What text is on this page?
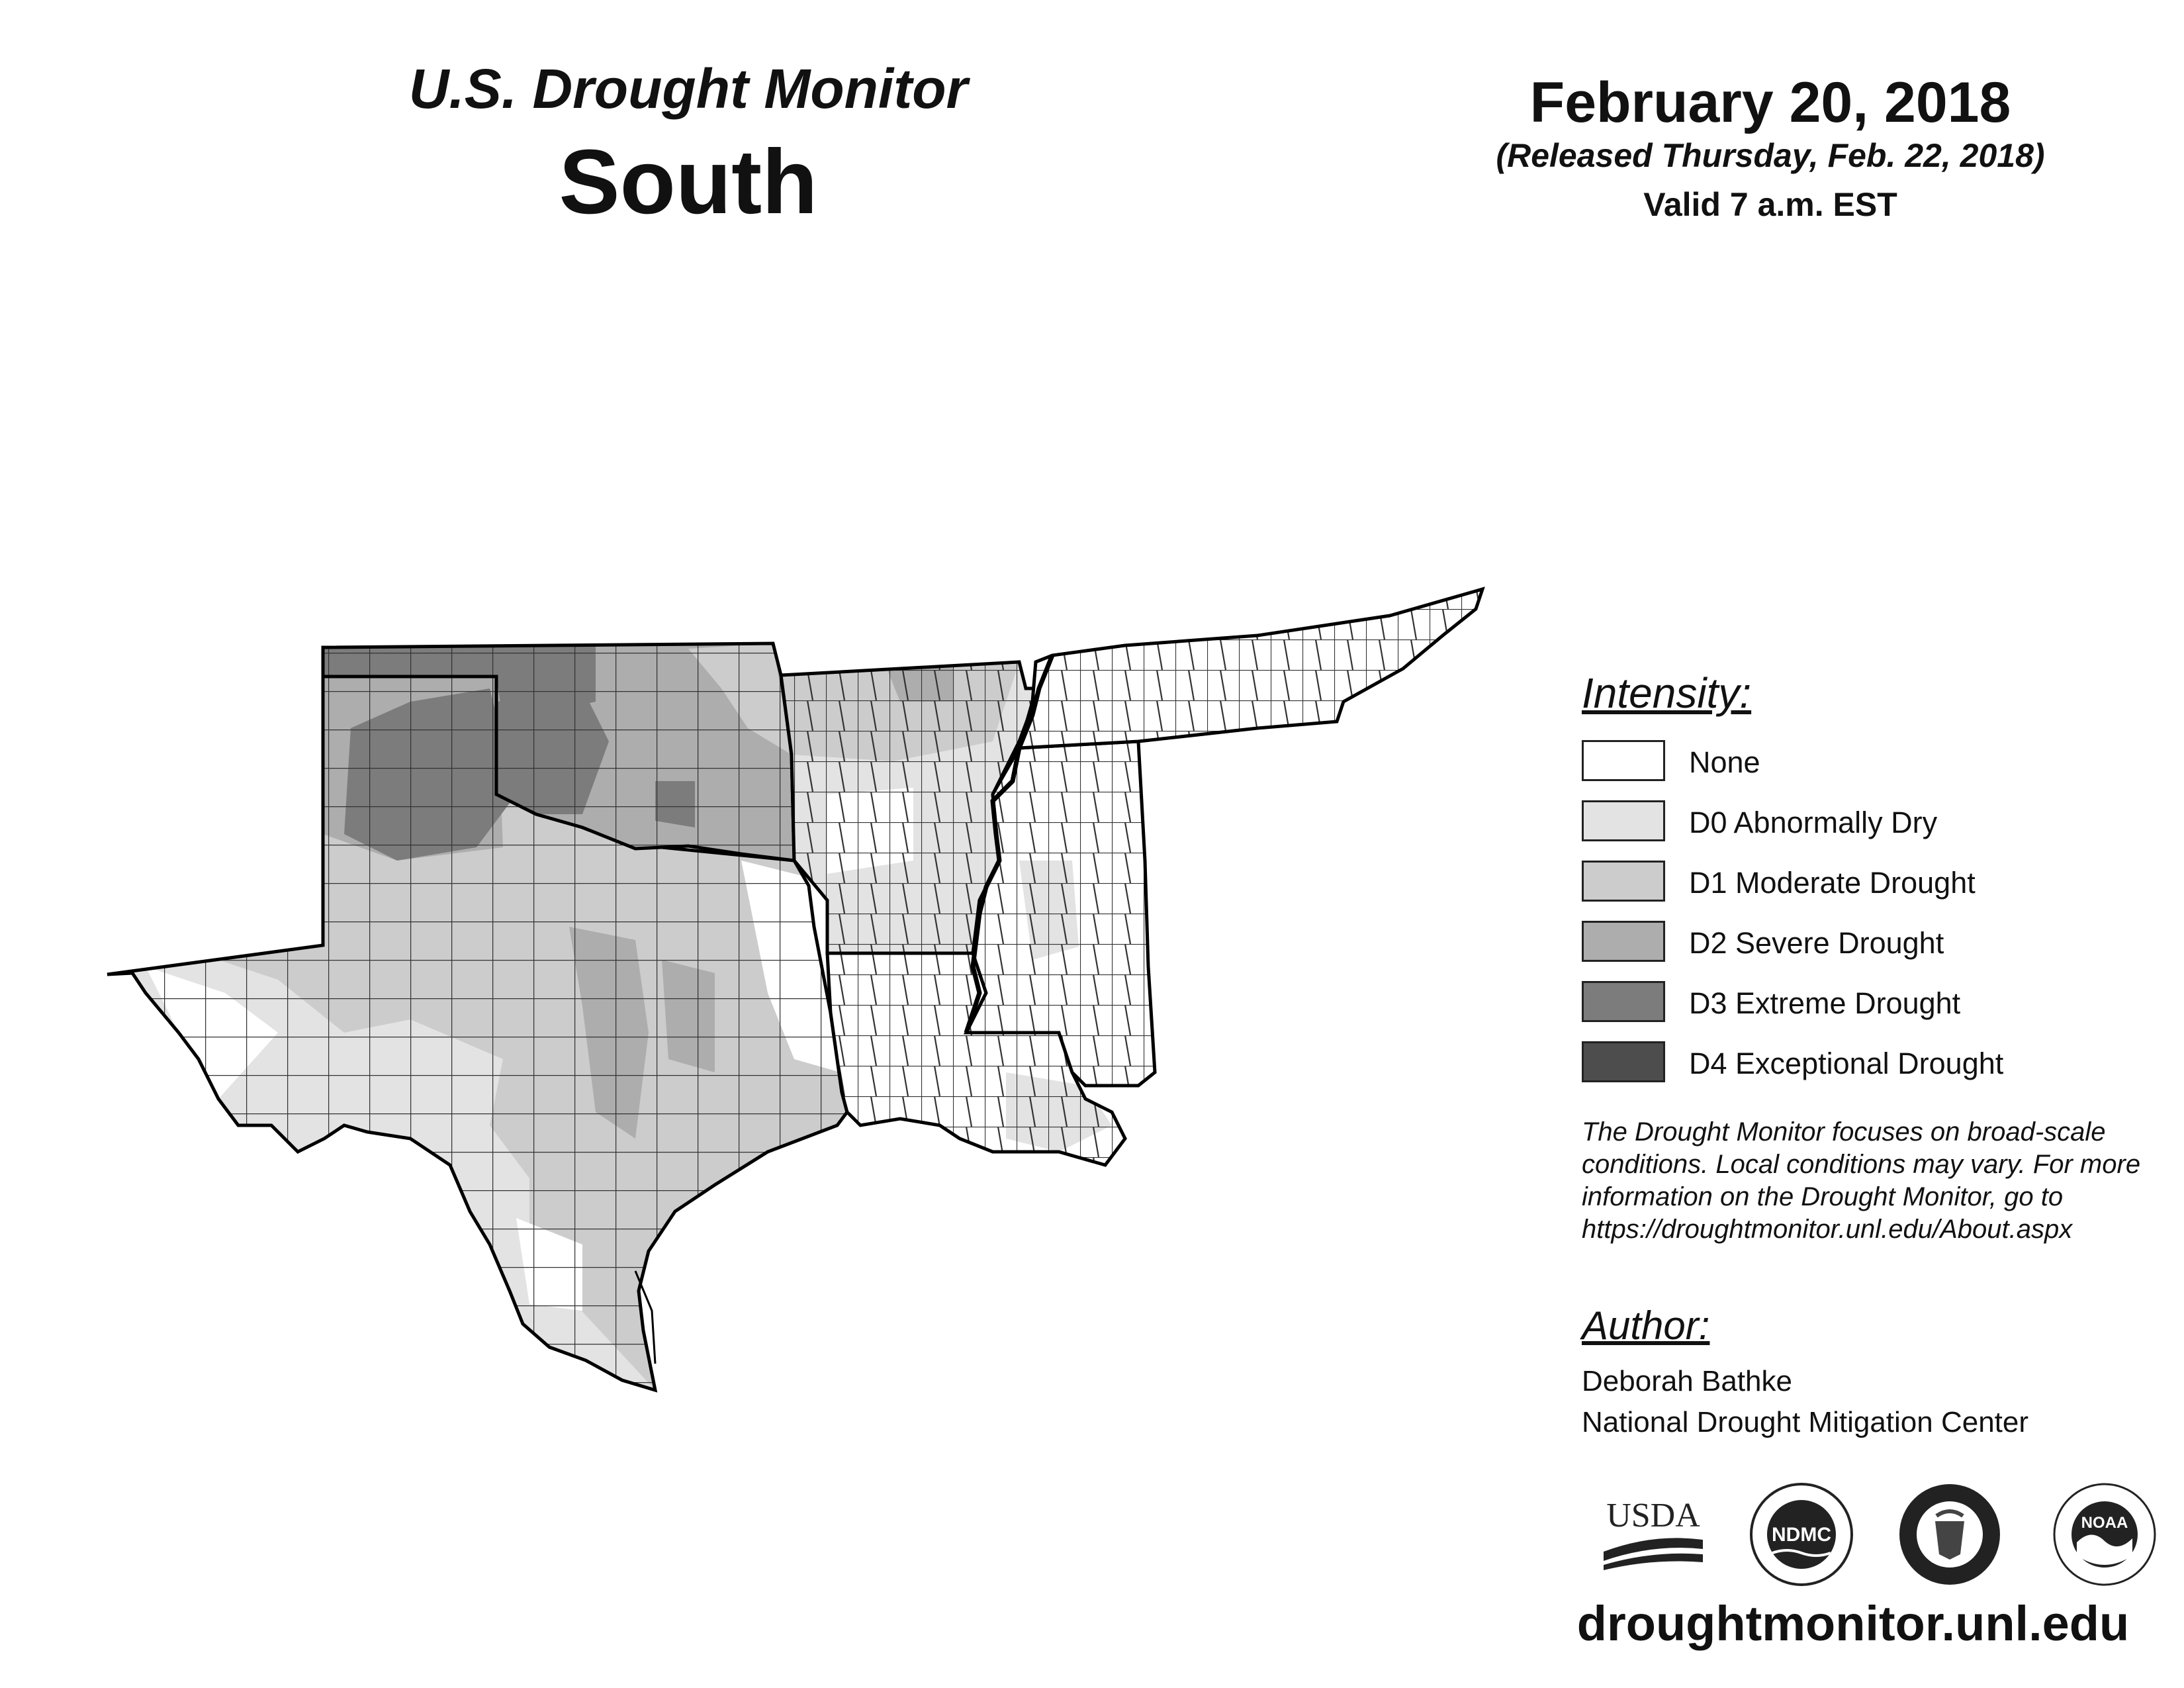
U.S. Drought Monitor
South
February 20, 2018
(Released Thursday, Feb. 22, 2018)
Valid 7 a.m. EST
Intensity:
None
D0 Abnormally Dry
D1 Moderate Drought
D2 Severe Drought
D3 Extreme Drought
D4 Exceptional Drought
The Drought Monitor focuses on broad-scale
conditions. Local conditions may vary. For more
information on the Drought Monitor, go to
https://droughtmonitor.unl.edu/About.aspx
Author:
Deborah Bathke
National Drought Mitigation Center
USDA
NDMC
NOAA
droughtmonitor.unl.edu
